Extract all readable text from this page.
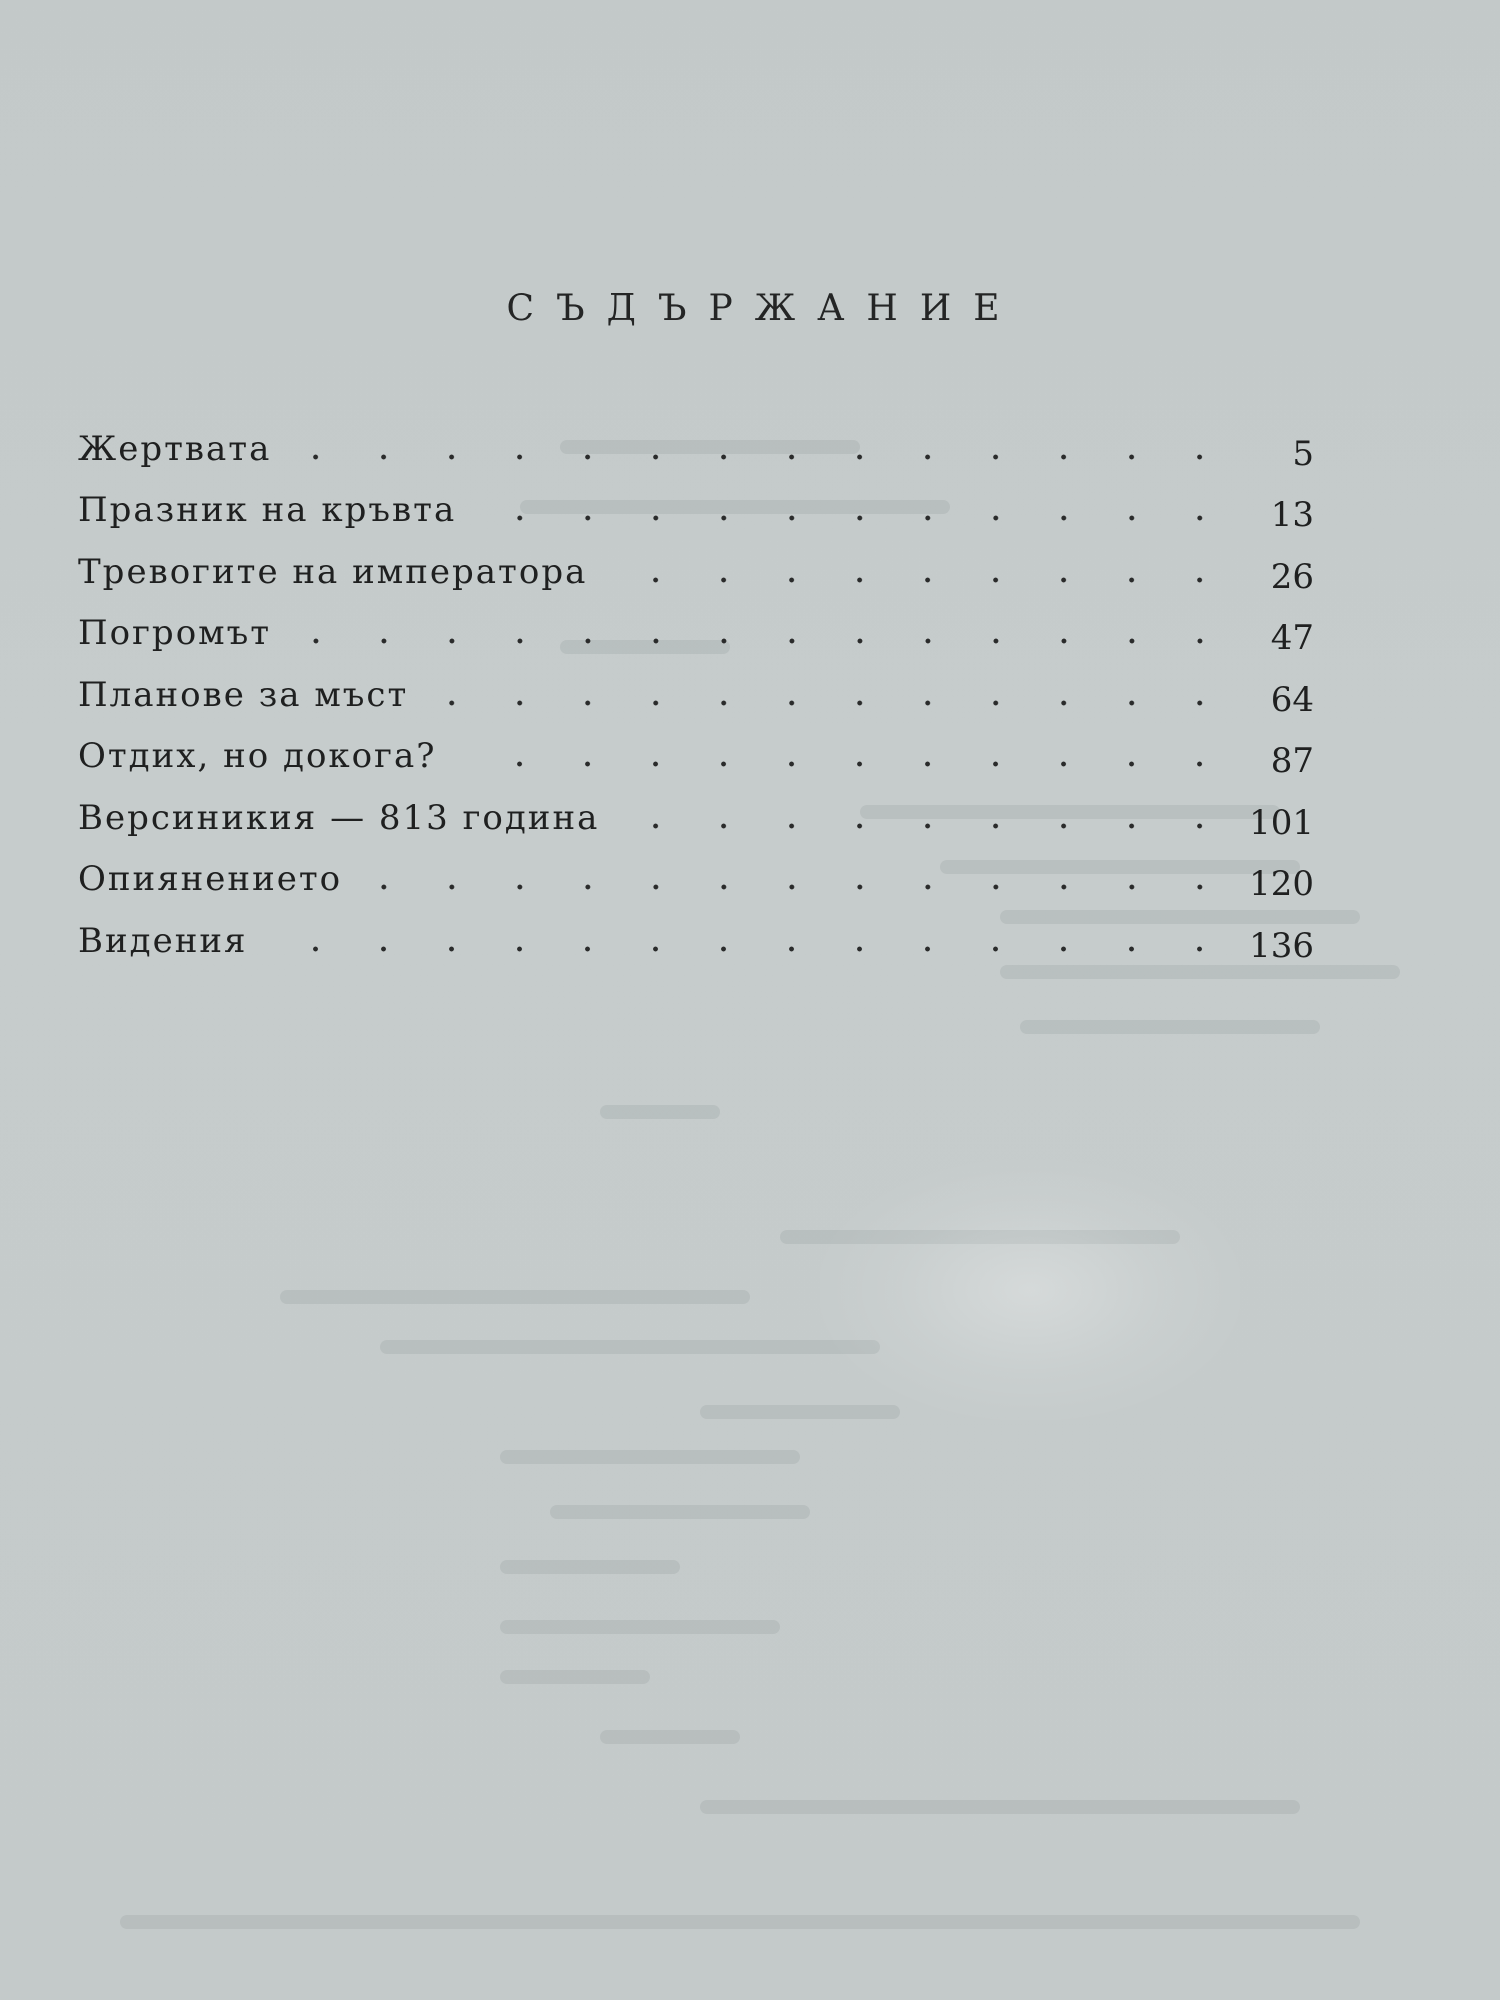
СЪДЪРЖАНИЕ
Жертвата	5
Празник на кръвта	13
Тревогите на императора	26
Погромът	47
Планове за мъст	64
Отдих, но докога?	87
Версиникия — 813 година	101
Опиянението	120
Видения	136
